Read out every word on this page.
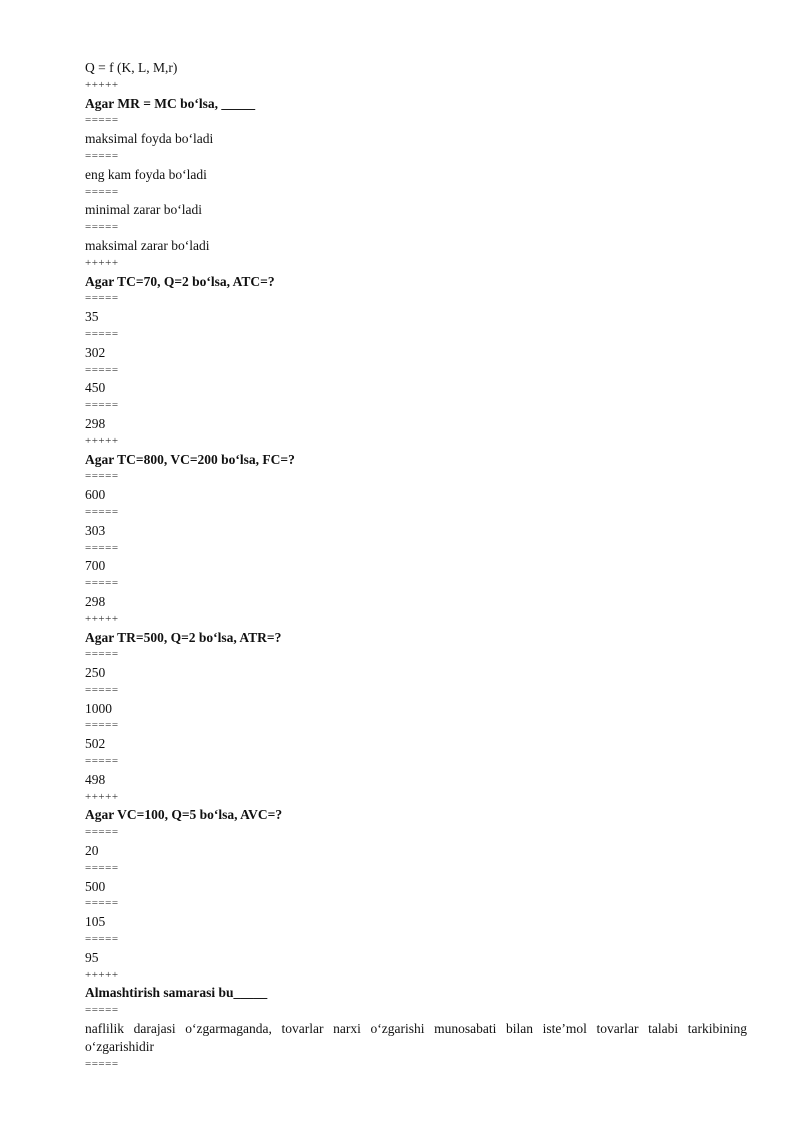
Q = f (K, L, M,r)
+++++
Agar MR = MC bo‘lsa, _____
=====
maksimal foyda bo‘ladi
=====
eng kam foyda bo‘ladi
=====
minimal zarar bo‘ladi
=====
maksimal zarar bo‘ladi
+++++
Agar TC=70, Q=2 bo‘lsa, ATC=?
=====
35
=====
302
=====
450
=====
298
+++++
Agar TC=800, VC=200 bo‘lsa, FC=?
=====
600
=====
303
=====
700
=====
298
+++++
Agar TR=500, Q=2 bo‘lsa, ATR=?
=====
250
=====
1000
=====
502
=====
498
+++++
Agar VC=100, Q=5 bo‘lsa, AVC=?
=====
20
=====
500
=====
105
=====
95
+++++
Almashtirish samarasi bu_____
=====
naflilik darajasi o‘zgarmaganda, tovarlar narxi o‘zgarishi munosabati bilan iste’mol tovarlar talabi tarkibining o‘zgarishidir
=====
